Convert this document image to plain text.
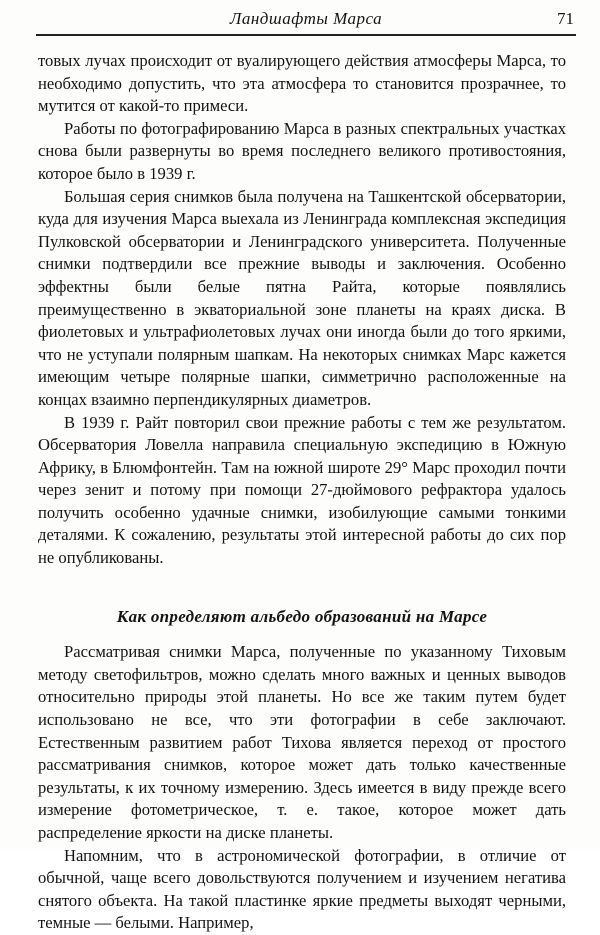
Ландшафты Марса	71

товых лучах происходит от вуалирующего действия атмосферы Марса, то необходимо допустить, что эта атмосфера то становится прозрачнее, то мутится от какой-то примеси.

Работы по фотографированию Марса в разных спектральных участках снова были развернуты во время последнего великого противостояния, которое было в 1939 г.

Большая серия снимков была получена на Ташкентской обсерватории, куда для изучения Марса выехала из Ленинграда комплексная экспедиция Пулковской обсерватории и Ленинградского университета. Полученные снимки подтвердили все прежние выводы и заключения. Особенно эффектны были белые пятна Райта, которые появлялись преимущественно в экваториальной зоне планеты на краях диска. В фиолетовых и ультрафиолетовых лучах они иногда были до того яркими, что не уступали полярным шапкам. На некоторых снимках Марс кажется имеющим четыре полярные шапки, симметрично расположенные на концах взаимно перпендикулярных диаметров.

В 1939 г. Райт повторил свои прежние работы с тем же результатом. Обсерватория Ловелла направила специальную экспедицию в Южную Африку, в Блюмфонтейн. Там на южной широте 29° Марс проходил почти через зенит и потому при помощи 27-дюймового рефрактора удалось получить особенно удачные снимки, изобилующие самыми тонкими деталями. К сожалению, результаты этой интересной работы до сих пор не опубликованы.

Как определяют альбедо образований на Марсе

Рассматривая снимки Марса, полученные по указанному Тиховым методу светофильтров, можно сделать много важных и ценных выводов относительно природы этой планеты. Но все же таким путем будет использовано не все, что эти фотографии в себе заключают. Естественным развитием работ Тихова является переход от простого рассматривания снимков, которое может дать только качественные результаты, к их точному измерению. Здесь имеется в виду прежде всего измерение фотометрическое, т. е. такое, которое может дать распределение яркости на диске планеты.

Напомним, что в астрономической фотографии, в отличие от обычной, чаще всего довольствуются получением и изучением негатива снятого объекта. На такой пластинке яркие предметы выходят черными, темные — белыми. Например,
